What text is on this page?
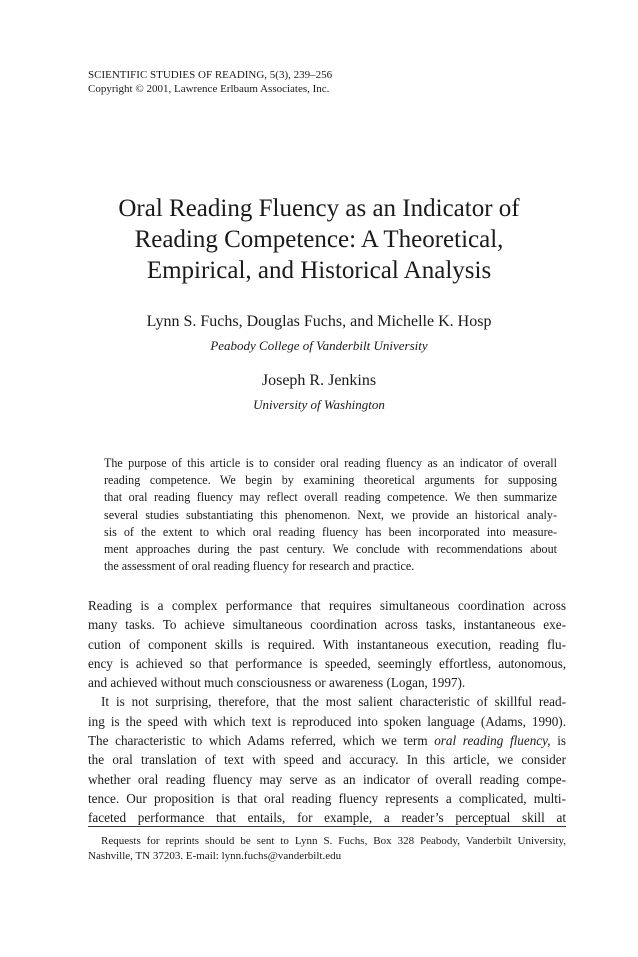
SCIENTIFIC STUDIES OF READING, 5(3), 239–256
Copyright © 2001, Lawrence Erlbaum Associates, Inc.
Oral Reading Fluency as an Indicator of
Reading Competence: A Theoretical,
Empirical, and Historical Analysis
Lynn S. Fuchs, Douglas Fuchs, and Michelle K. Hosp
Peabody College of Vanderbilt University
Joseph R. Jenkins
University of Washington
The purpose of this article is to consider oral reading fluency as an indicator of overall
reading competence. We begin by examining theoretical arguments for supposing
that oral reading fluency may reflect overall reading competence. We then summarize
several studies substantiating this phenomenon. Next, we provide an historical analy-
sis of the extent to which oral reading fluency has been incorporated into measure-
ment approaches during the past century. We conclude with recommendations about
the assessment of oral reading fluency for research and practice.
Reading is a complex performance that requires simultaneous coordination across
many tasks. To achieve simultaneous coordination across tasks, instantaneous exe-
cution of component skills is required. With instantaneous execution, reading flu-
ency is achieved so that performance is speeded, seemingly effortless, autonomous,
and achieved without much consciousness or awareness (Logan, 1997).
It is not surprising, therefore, that the most salient characteristic of skillful read-
ing is the speed with which text is reproduced into spoken language (Adams, 1990).
The characteristic to which Adams referred, which we term oral reading fluency, is
the oral translation of text with speed and accuracy. In this article, we consider
whether oral reading fluency may serve as an indicator of overall reading compe-
tence. Our proposition is that oral reading fluency represents a complicated, multi-
faceted performance that entails, for example, a reader’s perceptual skill at
Requests for reprints should be sent to Lynn S. Fuchs, Box 328 Peabody, Vanderbilt University,
Nashville, TN 37203. E-mail: lynn.fuchs@vanderbilt.edu
